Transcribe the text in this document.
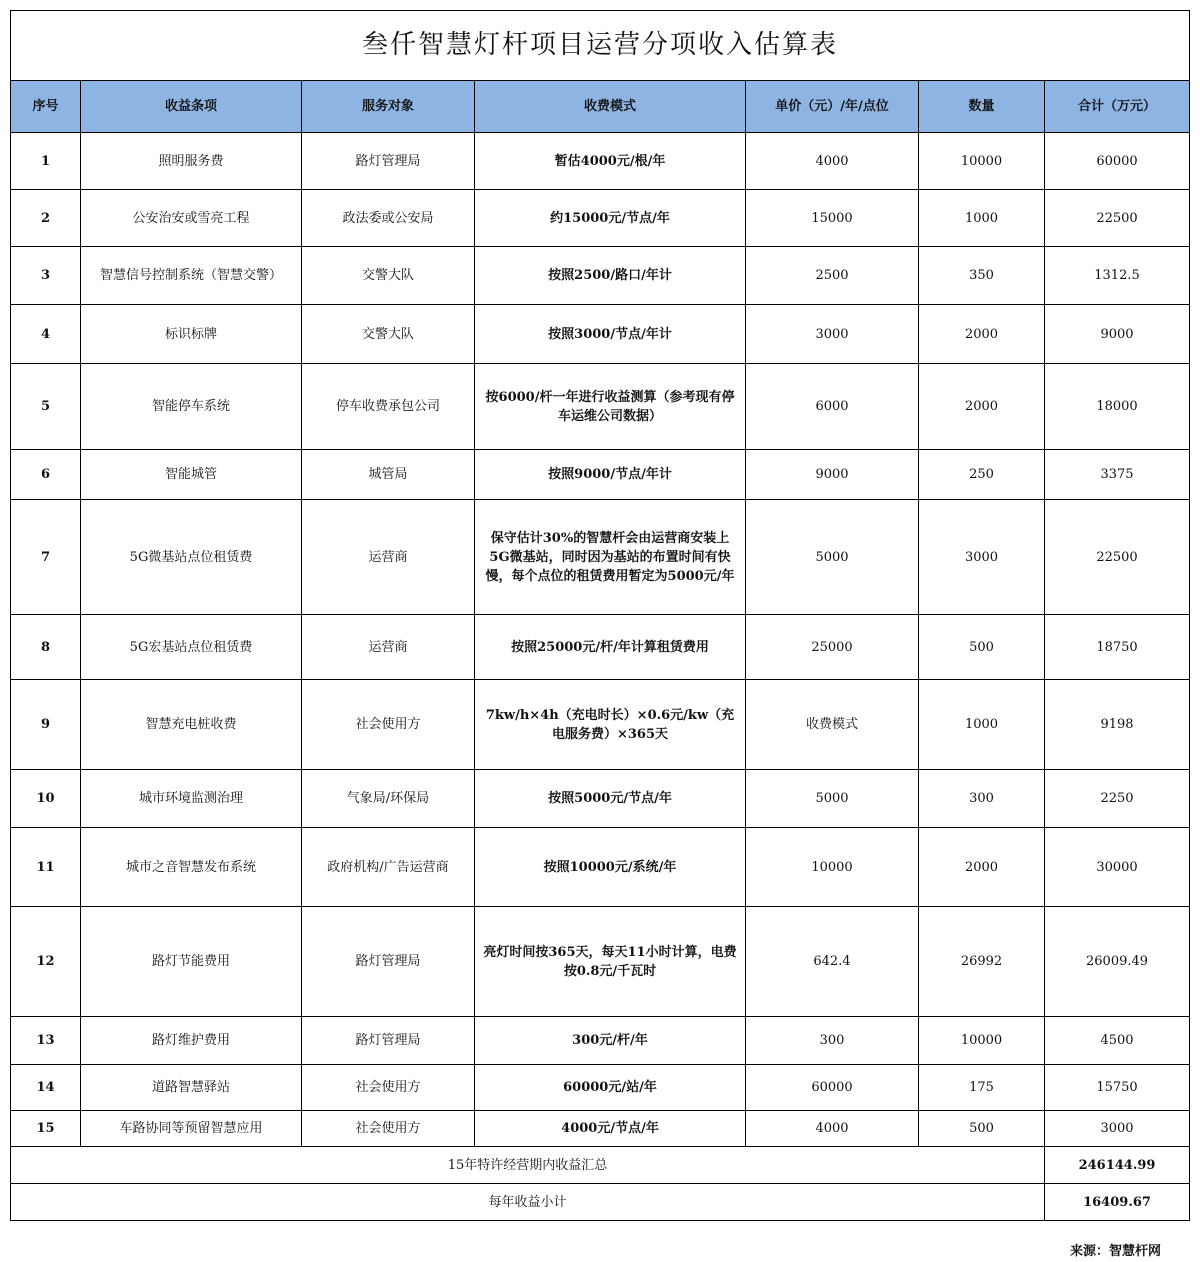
叁仟智慧灯杆项目运营分项收入估算表						
序号	收益条项	服务对象	收费模式	单价（元）/年/点位	数量	合计（万元）
1	照明服务费	路灯管理局	暂估4000元/根/年	4000	10000	60000
2	公安治安或雪亮工程	政法委或公安局	约15000元/节点/年	15000	1000	22500
3	智慧信号控制系统（智慧交警）	交警大队	按照2500/路口/年计	2500	350	1312.5
4	标识标牌	交警大队	按照3000/节点/年计	3000	2000	9000
5	智能停车系统	停车收费承包公司	按6000/杆一年进行收益测算（参考现有停车运维公司数据）	6000	2000	18000
6	智能城管	城管局	按照9000/节点/年计	9000	250	3375
7	5G微基站点位租赁费	运营商	保守估计30%的智慧杆会由运营商安装上5G微基站，同时因为基站的布置时间有快慢，每个点位的租赁费用暂定为5000元/年	5000	3000	22500
8	5G宏基站点位租赁费	运营商	按照25000元/杆/年计算租赁费用	25000	500	18750
9	智慧充电桩收费	社会使用方	7kw/h×4h（充电时长）×0.6元/kw（充电服务费）×365天	收费模式	1000	9198
10	城市环境监测治理	气象局/环保局	按照5000元/节点/年	5000	300	2250
11	城市之音智慧发布系统	政府机构/广告运营商	按照10000元/系统/年	10000	2000	30000
12	路灯节能费用	路灯管理局	亮灯时间按365天，每天11小时计算，电费按0.8元/千瓦时	642.4	26992	26009.49
13	路灯维护费用	路灯管理局	300元/杆/年	300	10000	4500
14	道路智慧驿站	社会使用方	60000元/站/年	60000	175	15750
15	车路协同等预留智慧应用	社会使用方	4000元/节点/年	4000	500	3000
15年特许经营期内收益汇总						246144.99
每年收益小计						16409.67
来源：智慧杆网
